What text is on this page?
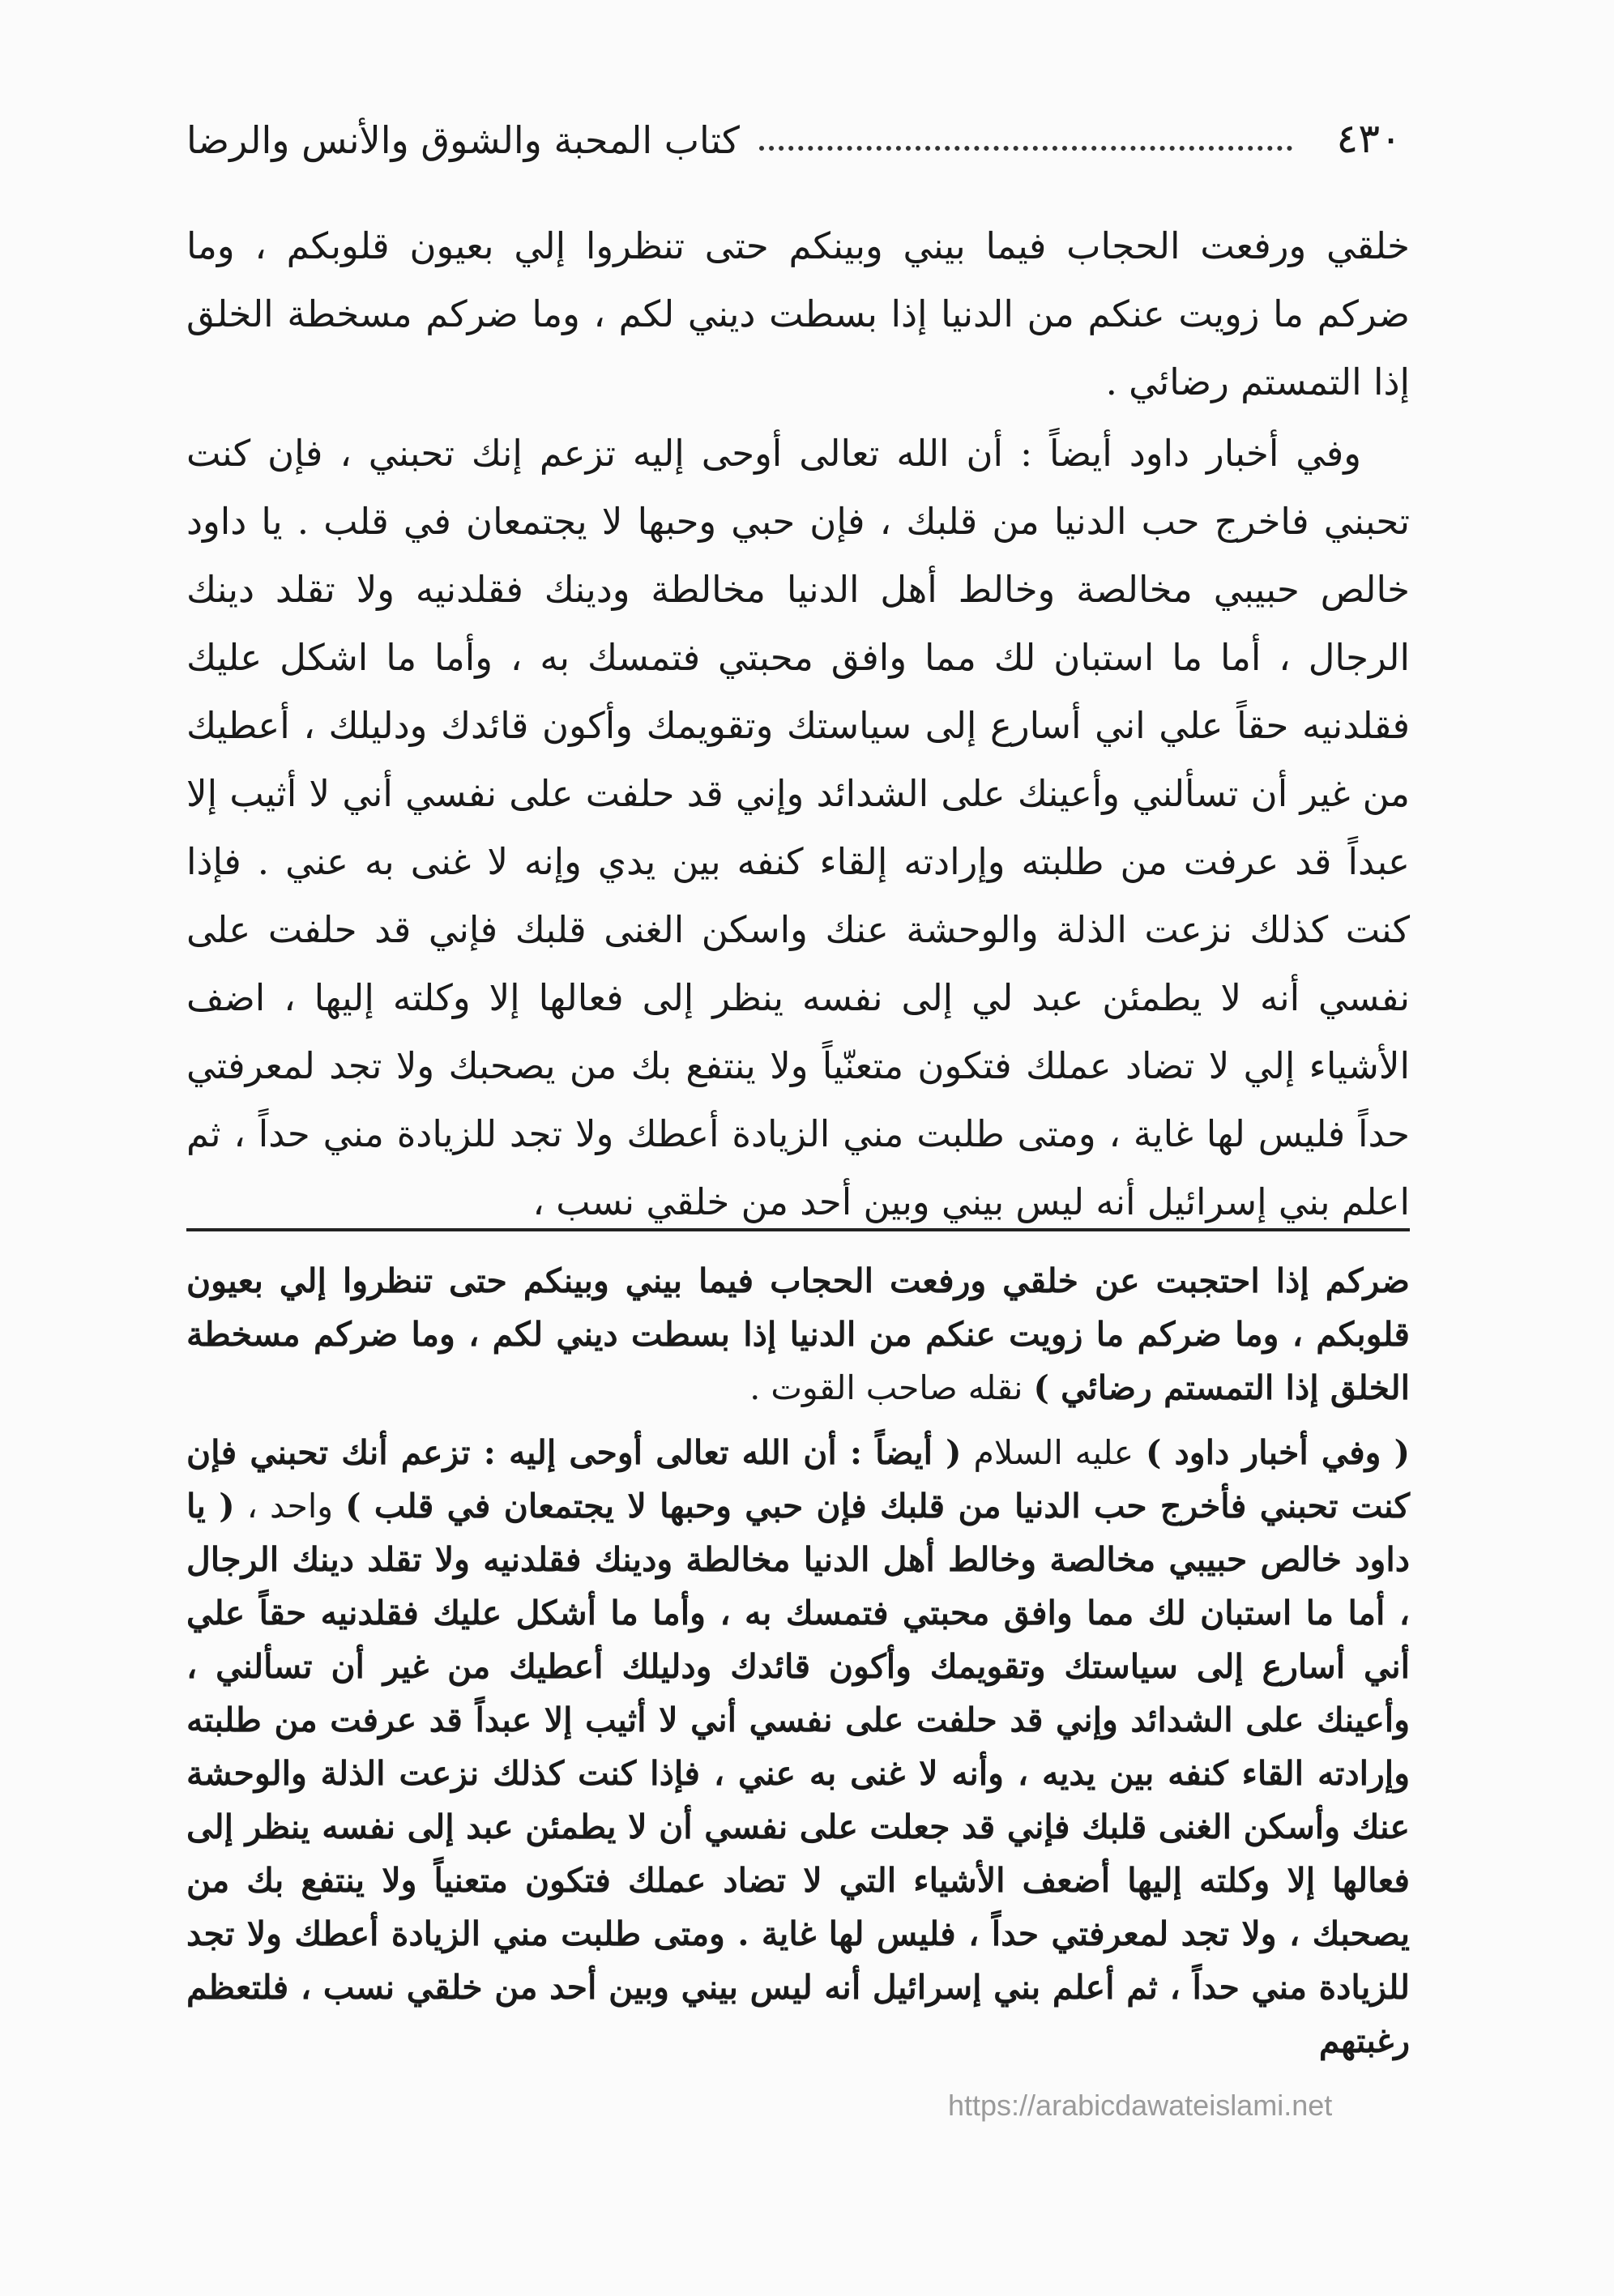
٤٣٠
كتاب المحبة والشوق والأنس والرضا

خلقي ورفعت الحجاب فيما بيني وبينكم حتى تنظروا إلي بعيون قلوبكم ، وما ضركم ما زويت عنكم من الدنيا إذا بسطت ديني لكم ، وما ضركم مسخطة الخلق إذا التمستم رضائي .

وفي أخبار داود أيضاً : أن الله تعالى أوحى إليه تزعم إنك تحبني ، فإن كنت تحبني فاخرج حب الدنيا من قلبك ، فإن حبي وحبها لا يجتمعان في قلب . يا داود خالص حبيبي مخالصة وخالط أهل الدنيا مخالطة ودينك فقلدنيه ولا تقلد دينك الرجال ، أما ما استبان لك مما وافق محبتي فتمسك به ، وأما ما اشكل عليك فقلدنيه حقاً علي اني أسارع إلى سياستك وتقويمك وأكون قائدك ودليلك ، أعطيك من غير أن تسألني وأعينك على الشدائد وإني قد حلفت على نفسي أني لا أثيب إلا عبداً قد عرفت من طلبته وإرادته إلقاء كنفه بين يدي وإنه لا غنى به عني . فإذا كنت كذلك نزعت الذلة والوحشة عنك واسكن الغنى قلبك فإني قد حلفت على نفسي أنه لا يطمئن عبد لي إلى نفسه ينظر إلى فعالها إلا وكلته إليها ، اضف الأشياء إلي لا تضاد عملك فتكون متعنّياً ولا ينتفع بك من يصحبك ولا تجد لمعرفتي حداً فليس لها غاية ، ومتى طلبت مني الزيادة أعطك ولا تجد للزيادة مني حداً ، ثم اعلم بني إسرائيل أنه ليس بيني وبين أحد من خلقي نسب ،

ضركم إذا احتجبت عن خلقي ورفعت الحجاب فيما بيني وبينكم حتى تنظروا إلي بعيون قلوبكم ، وما ضركم ما زويت عنكم من الدنيا إذا بسطت ديني لكم ، وما ضركم مسخطة الخلق إذا التمستم رضائي ) نقله صاحب القوت .

( وفي أخبار داود ) عليه السلام ( أيضاً : أن الله تعالى أوحى إليه : تزعم أنك تحبني فإن كنت تحبني فأخرج حب الدنيا من قلبك فإن حبي وحبها لا يجتمعان في قلب ) واحد ، ( يا داود خالص حبيبي مخالصة وخالط أهل الدنيا مخالطة ودينك فقلدنيه ولا تقلد دينك الرجال ، أما ما استبان لك مما وافق محبتي فتمسك به ، وأما ما أشكل عليك فقلدنيه حقاً علي أني أسارع إلى سياستك وتقويمك وأكون قائدك ودليلك أعطيك من غير أن تسألني ، وأعينك على الشدائد وإني قد حلفت على نفسي أني لا أثيب إلا عبداً قد عرفت من طلبته وإرادته القاء كنفه بين يديه ، وأنه لا غنى به عني ، فإذا كنت كذلك نزعت الذلة والوحشة عنك وأسكن الغنى قلبك فإني قد جعلت على نفسي أن لا يطمئن عبد إلى نفسه ينظر إلى فعالها إلا وكلته إليها أضعف الأشياء التي لا تضاد عملك فتكون متعنياً ولا ينتفع بك من يصحبك ، ولا تجد لمعرفتي حداً ، فليس لها غاية . ومتى طلبت مني الزيادة أعطك ولا تجد للزيادة مني حداً ، ثم أعلم بني إسرائيل أنه ليس بيني وبين أحد من خلقي نسب ، فلتعظم رغبتهم

https://arabicdawateislami.net
